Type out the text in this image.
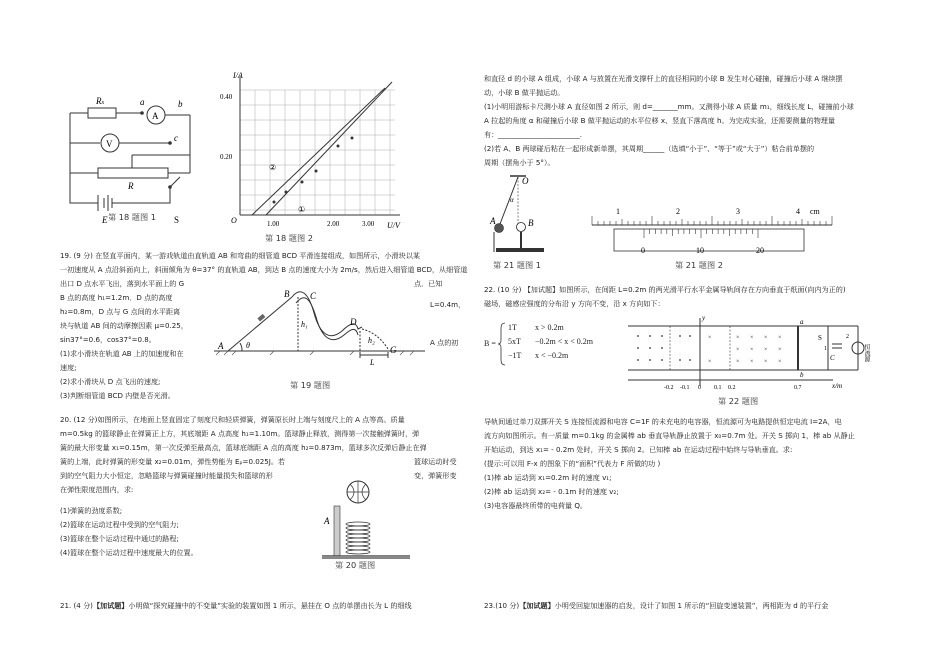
Rx	a
A
b
V
c
R
E	S
第 18 题图 1
I/A
U/V
O
0.40
0.20
1.00	2.00	3.00
②
①
第 18 题图 2
19. (9 分) 在竖直平面内，某一游戏轨道由直轨道 AB 和弯曲的细管道 BCD 平滑连接组成，如图所示，小滑块以某
一初速度从 A 点沿斜面向上，斜面倾角为 θ=37° 的直轨道 AB，到达 B 点的速度大小为 2m/s，然后进入细管道 BCD，从细管道
出口 D 点水平飞出，落到水平面上的 G	点．已知
B 点的高度 h₁=1.2m．D 点的高度
h₂=0.8m，D 点与 G 点间的水平距离
L=0.4m，
块与轨道 AB 间的动摩擦因素 μ=0.25，
sin37°=0.6，cos37°=0.8。
(1)求小滑块在轨道 AB 上的加速度和在
A 点的初
速度;
(2)求小滑块从 D 点飞出的速度;
(3)判断细管道 BCD 内壁是否光滑。
A	θ
B C
h₁	D
h₂
G
L
第 19 题图
20. (12 分)如图所示，在地面上竖直固定了刻度尺和轻质弹簧，弹簧原长时上端与刻度尺上的 A 点等高。质量
m=0.5kg 的篮球静止在弹簧正上方，其底端距 A 点高度 h₁=1.10m。篮球静止释放，测得第一次接触弹簧时，弹
簧的最大形变量 x₁=0.15m，第一次反弹至最高点，篮球底端距 A 点的高度 h₂=0.873m，篮球多次反弹后静止在弹
簧的上端，此时弹簧的形变量 x₂=0.01m，弹性势能为 Eₚ=0.025J。若	篮球运动时受
到的空气阻力大小恒定，忽略篮球与弹簧碰撞时能量损失和篮球的形	变，弹簧形变
在弹性限度范围内，求:
(1)弹簧的劲度系数;
(2)篮球在运动过程中受到的空气阻力;
(3)篮球在整个运动过程中通过的路程;
(4)篮球在整个运动过程中速度最大的位置。
A
第 20 题图
21. (4 分)【加试题】小明做“探究碰撞中的不变量”实验的装置如图 1 所示，悬挂在 O 点的单摆由长为 L 的细线
和直径 d 的小球 A 组成，小球 A 与放置在光滑支撑杆上的直径相同的小球 B 发生对心碰撞，碰撞后小球 A 继续摆
动，小球 B 做平抛运动。
(1)小明用游标卡尺测小球 A 直径如图 2 所示，则 d=_______mm。又测得小球 A 质量 m₁，细线长度 L，碰撞前小球
A 拉起的角度 α 和碰撞后小球 B 做平抛运动的水平位移 x、竖直下落高度 h。为完成实验，还需要测量的物理量
有：_______________________.
(2)若 A、B 两球碰后粘在一起形成新单摆，其周期______（选填“小于”、“等于”或“大于”）粘合前单摆的
周期（摆角小于 5°）。
O
α
A	B
第 21 题图 1
1	2	3	4 cm
0	10	20
第 21 题图 2
22. (10 分) 【加试题】如图所示，在间距 L=0.2m 的两光滑平行水平金属导轨间存在方向垂直于纸面(向内为正的)
磁场，磁感应强度的分布沿 y 方向不变，沿 x 方向如下：
B =
1T x > 0.2m
5xT −0.2m < x < 0.2m
−1T x < −0.2m
× × × ×
× × × ×
× × × ×
×
×
y
x/m
-0.2 -0.1 0 0.1 0.2	0.7
a
b
S
C
1
2
恒流源
第 22 题图
导轨间通过单刀双掷开关 S 连接恒流源和电容 C=1F 的未充电的电容器，恒流源可为电路提供恒定电流 I=2A，电
流方向如图所示。有一质量 m=0.1kg 的金属棒 ab 垂直导轨静止放置于 x₀=0.7m 处。开关 S 掷向 1，棒 ab 从静止
开始运动，到达 x₁= - 0.2m 处时，开关 S 掷向 2。已知棒 ab 在运动过程中始终与导轨垂直。求:
(提示:可以用 F-x 的图象下的“面积”代表力 F 所做的功 )
(1)棒 ab 运动到 x₁=0.2m 时的速度 v₁;
(2)棒 ab 运动到 x₂= - 0.1m 时的速度 v₂;
(3)电容器最终所带的电荷量 Q。
23.(10 分)【加试题】小明受回旋加速器的启发，设计了如图 1 所示的“回旋变速装置”，两相距为 d 的平行金
